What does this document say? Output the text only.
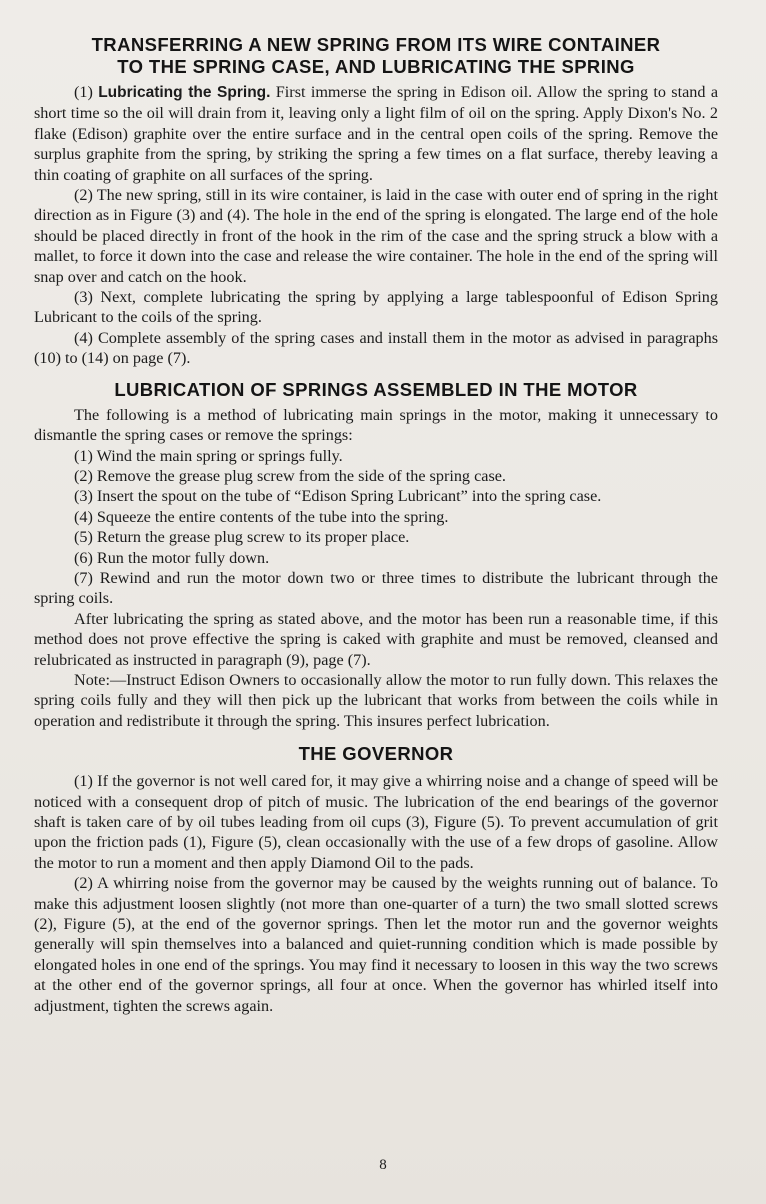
TRANSFERRING A NEW SPRING FROM ITS WIRE CONTAINER
TO THE SPRING CASE, AND LUBRICATING THE SPRING

(1) Lubricating the Spring. First immerse the spring in Edison oil. Allow the spring to stand a short time so the oil will drain from it, leaving only a light film of oil on the spring. Apply Dixon's No. 2 flake (Edison) graphite over the entire surface and in the central open coils of the spring. Remove the surplus graphite from the spring, by striking the spring a few times on a flat surface, thereby leaving a thin coating of graphite on all surfaces of the spring.

(2) The new spring, still in its wire container, is laid in the case with outer end of spring in the right direction as in Figure (3) and (4). The hole in the end of the spring is elongated. The large end of the hole should be placed directly in front of the hook in the rim of the case and the spring struck a blow with a mallet, to force it down into the case and release the wire container. The hole in the end of the spring will snap over and catch on the hook.

(3) Next, complete lubricating the spring by applying a large tablespoonful of Edison Spring Lubricant to the coils of the spring.

(4) Complete assembly of the spring cases and install them in the motor as advised in paragraphs (10) to (14) on page (7).

LUBRICATION OF SPRINGS ASSEMBLED IN THE MOTOR

The following is a method of lubricating main springs in the motor, making it unnecessary to dismantle the spring cases or remove the springs:

(1) Wind the main spring or springs fully.

(2) Remove the grease plug screw from the side of the spring case.

(3) Insert the spout on the tube of “Edison Spring Lubricant” into the spring case.

(4) Squeeze the entire contents of the tube into the spring.

(5) Return the grease plug screw to its proper place.

(6) Run the motor fully down.

(7) Rewind and run the motor down two or three times to distribute the lubricant through the spring coils.

After lubricating the spring as stated above, and the motor has been run a reasonable time, if this method does not prove effective the spring is caked with graphite and must be removed, cleansed and relubricated as instructed in paragraph (9), page (7).

Note:—Instruct Edison Owners to occasionally allow the motor to run fully down. This relaxes the spring coils fully and they will then pick up the lubricant that works from between the coils while in operation and redistribute it through the spring. This insures perfect lubrication.

THE GOVERNOR

(1) If the governor is not well cared for, it may give a whirring noise and a change of speed will be noticed with a consequent drop of pitch of music. The lubrication of the end bearings of the governor shaft is taken care of by oil tubes leading from oil cups (3), Figure (5). To prevent accumulation of grit upon the friction pads (1), Figure (5), clean occasionally with the use of a few drops of gasoline. Allow the motor to run a moment and then apply Diamond Oil to the pads.

(2) A whirring noise from the governor may be caused by the weights running out of balance. To make this adjustment loosen slightly (not more than one-quarter of a turn) the two small slotted screws (2), Figure (5), at the end of the governor springs. Then let the motor run and the governor weights generally will spin themselves into a balanced and quiet-running condition which is made possible by elongated holes in one end of the springs. You may find it necessary to loosen in this way the two screws at the other end of the governor springs, all four at once. When the governor has whirled itself into adjustment, tighten the screws again.

8
